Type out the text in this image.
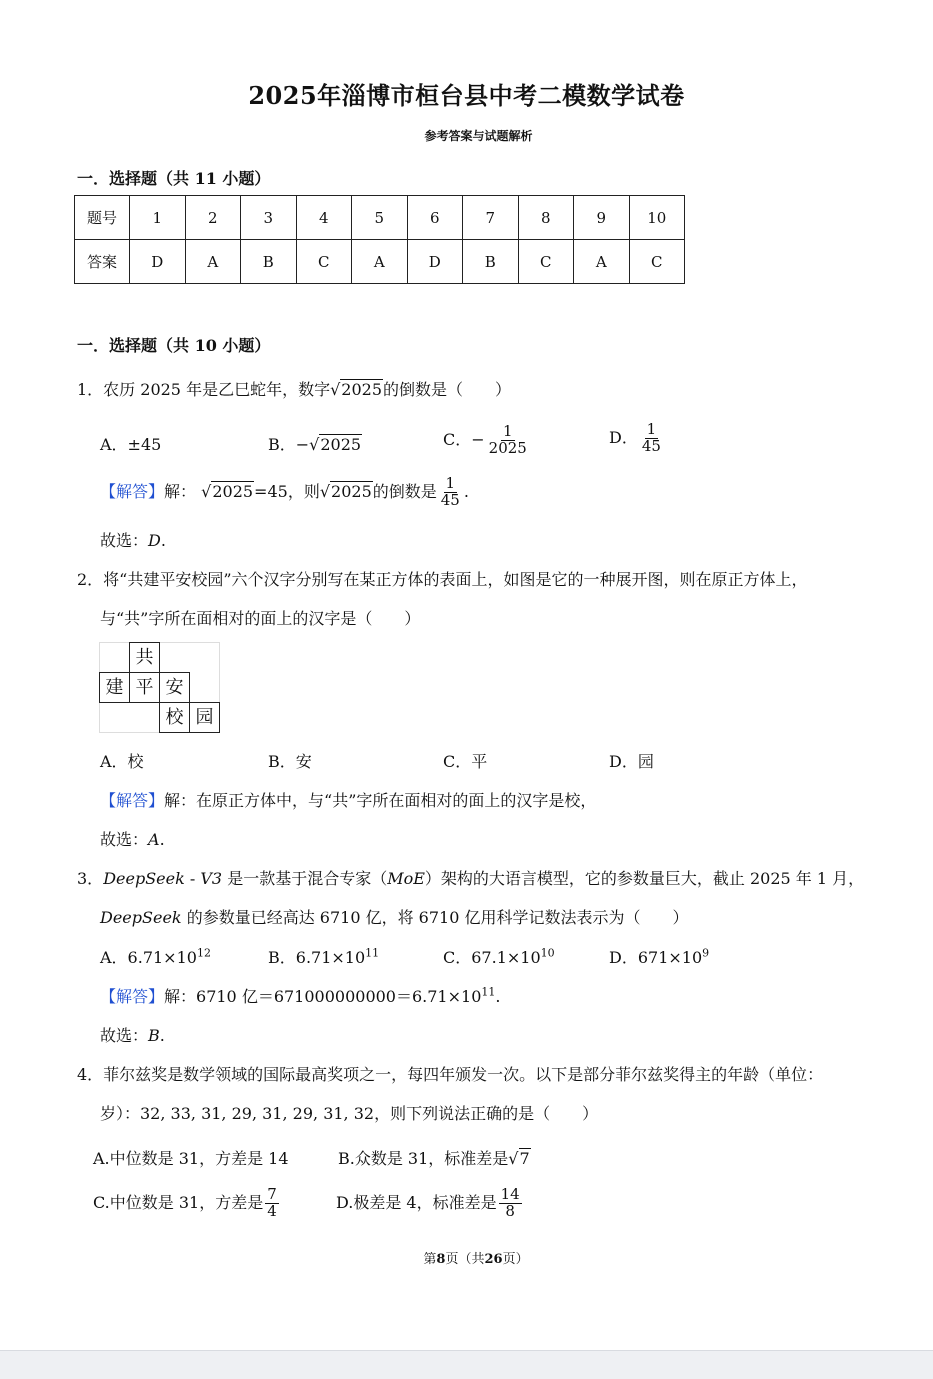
2025年淄博市桓台县中考二模数学试卷
参考答案与试题解析
一．选择题（共 11 小题）
题号	1	2	3	4	5	6	7	8	9	10
答案	D	A	B	C	A	D	B	C	A	C
一．选择题（共 10 小题）
1．农历 2025 年是乙巳蛇年，数字√2025的倒数是（　　）
A．±45	B．−√2025	C．− $\frac{1}{2025}$	D． $\frac{1}{45}$
【解答】解： √2025=45，则√2025的倒数是 $\frac{1}{45}$ .
故选：D.
2．将“共建平安校园”六个汉字分别写在某正方体的表面上，如图是它的一种展开图，则在原正方体上，
与“共”字所在面相对的面上的汉字是（　　）
共
建 平 安
校 园
A．校	B．安	C．平	D．园
【解答】解：在原正方体中，与“共”字所在面相对的面上的汉字是校，
故选：A.
3．DeepSeek - V3 是一款基于混合专家（MoE）架构的大语言模型，它的参数量巨大，截止 2025 年 1 月，
DeepSeek 的参数量已经高达 6710 亿，将 6710 亿用科学记数法表示为（　　）
A．$6.71\times 10^{12}$	B．$6.71\times 10^{11}$	C．$67.1\times 10^{10}$	D．$671\times 10^9$
【解答】解：6710 亿$=671000000000=6.71\times 10^{11}$.
故选：B.
4．菲尔兹奖是数学领域的国际最高奖项之一，每四年颁发一次。以下是部分菲尔兹奖得主的年龄（单位：
岁）：32, 33, 31, 29, 31, 29, 31, 32，则下列说法正确的是（　　）
A.中位数是 31，方差是 14	B.众数是 31，标准差是√7
C.中位数是 31，方差是 $\frac{7}{4}$	D.极差是 4，标准差是 $\frac{14}{8}$
第8页（共26页）
